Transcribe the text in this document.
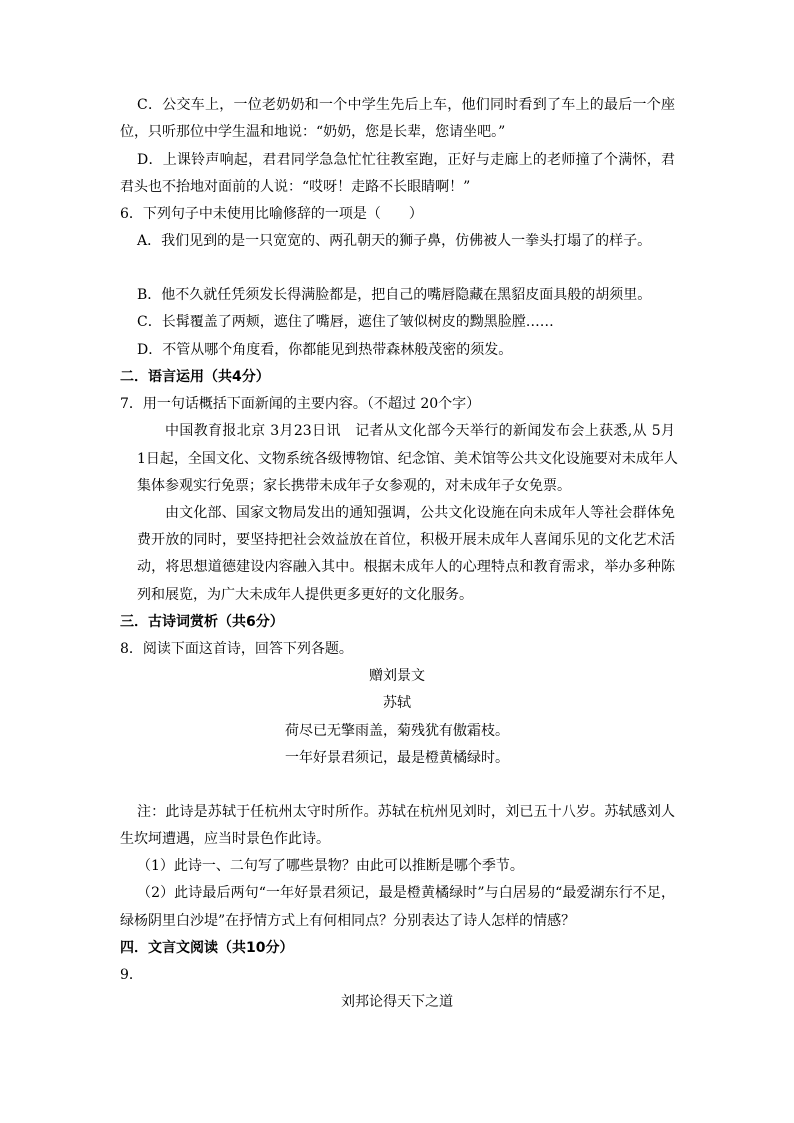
C．公交车上，一位老奶奶和一个中学生先后上车，他们同时看到了车上的最后一个座
位，只听那位中学生温和地说：“奶奶，您是长辈，您请坐吧。”
D．上课铃声响起，君君同学急急忙忙往教室跑，正好与走廊上的老师撞了个满怀，君
君头也不抬地对面前的人说：“哎呀！走路不长眼睛啊！”
6．下列句子中未使用比喻修辞的一项是（　　）
A．我们见到的是一只宽宽的、两孔朝天的狮子鼻，仿佛被人一拳头打塌了的样子。
B．他不久就任凭须发长得满脸都是，把自己的嘴唇隐藏在黑貂皮面具般的胡须里。
C．长髯覆盖了两颊，遮住了嘴唇，遮住了皱似树皮的黝黑脸膛……
D．不管从哪个角度看，你都能见到热带森林般茂密的须发。
二．语言运用（共4分）
7．用一句话概括下面新闻的主要内容。（不超过 20个字）
中国教育报北京 3月23日讯　记者从文化部今天举行的新闻发布会上获悉,从 5月
1日起，全国文化、文物系统各级博物馆、纪念馆、美术馆等公共文化设施要对未成年人
集体参观实行免票；家长携带未成年子女参观的，对未成年子女免票。
由文化部、国家文物局发出的通知强调，公共文化设施在向未成年人等社会群体免
费开放的同时，要坚持把社会效益放在首位，积极开展未成年人喜闻乐见的文化艺术活
动，将思想道德建设内容融入其中。根据未成年人的心理特点和教育需求，举办多种陈
列和展览，为广大未成年人提供更多更好的文化服务。
三．古诗词赏析（共6分）
8．阅读下面这首诗，回答下列各题。
赠刘景文
苏轼
荷尽已无擎雨盖，菊残犹有傲霜枝。
一年好景君须记，最是橙黄橘绿时。
注：此诗是苏轼于任杭州太守时所作。苏轼在杭州见刘时，刘已五十八岁。苏轼感刘人
生坎坷遭遇，应当时景色作此诗。
（1）此诗一、二句写了哪些景物？由此可以推断是哪个季节。
（2）此诗最后两句“一年好景君须记，最是橙黄橘绿时”与白居易的“最爱湖东行不足，
绿杨阴里白沙堤”在抒情方式上有何相同点？分别表达了诗人怎样的情感？
四．文言文阅读（共10分）
9．
刘邦论得天下之道
